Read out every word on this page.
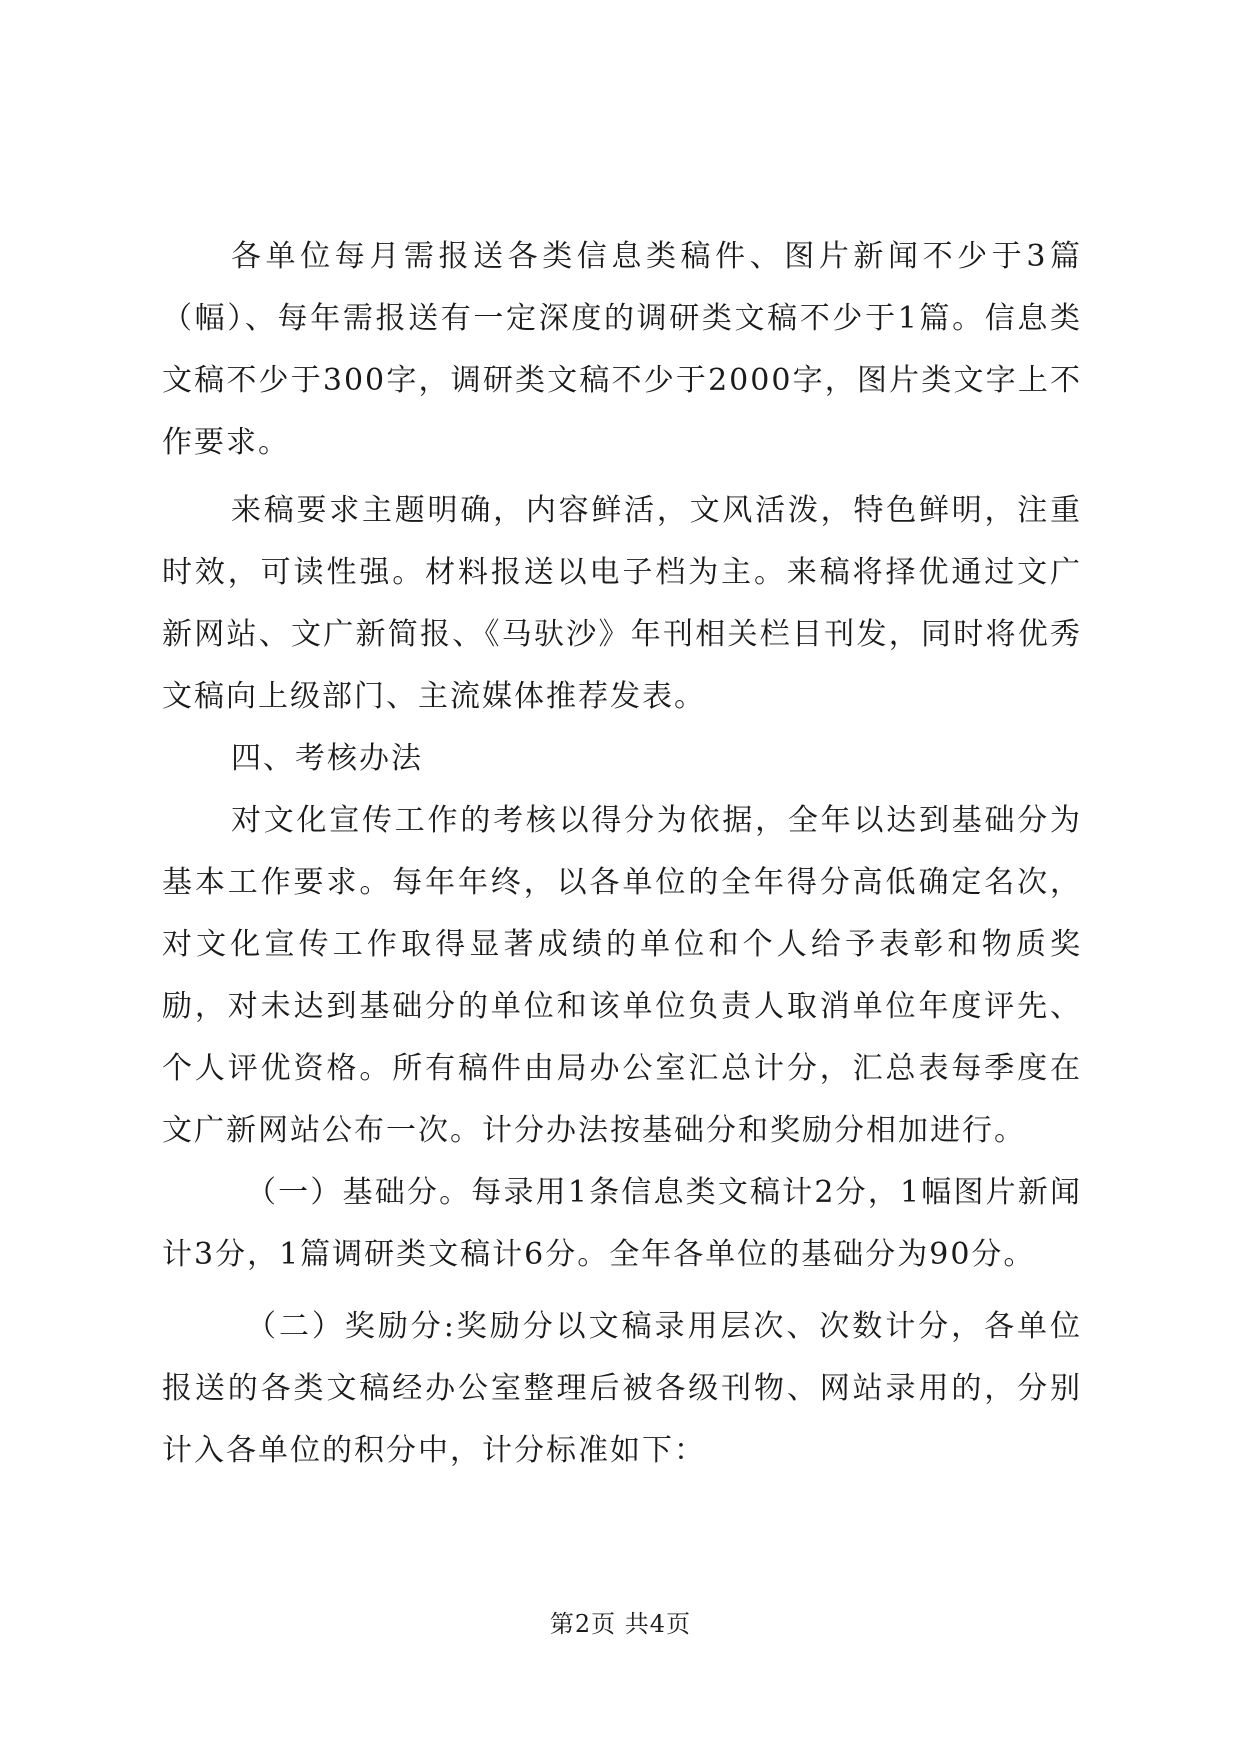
各单位每月需报送各类信息类稿件、图片新闻不少于3篇（幅）、每年需报送有一定深度的调研类文稿不少于1篇。信息类文稿不少于300字，调研类文稿不少于2000字，图片类文字上不作要求。

来稿要求主题明确，内容鲜活，文风活泼，特色鲜明，注重时效，可读性强。材料报送以电子档为主。来稿将择优通过文广新网站、文广新简报、《马驮沙》年刊相关栏目刊发，同时将优秀文稿向上级部门、主流媒体推荐发表。

四、考核办法

对文化宣传工作的考核以得分为依据，全年以达到基础分为基本工作要求。每年年终，以各单位的全年得分高低确定名次，对文化宣传工作取得显著成绩的单位和个人给予表彰和物质奖励，对未达到基础分的单位和该单位负责人取消单位年度评先、个人评优资格。所有稿件由局办公室汇总计分，汇总表每季度在文广新网站公布一次。计分办法按基础分和奖励分相加进行。

（一）基础分。每录用1条信息类文稿计2分，1幅图片新闻计3分，1篇调研类文稿计6分。全年各单位的基础分为90分。

（二）奖励分:奖励分以文稿录用层次、次数计分，各单位报送的各类文稿经办公室整理后被各级刊物、网站录用的，分别计入各单位的积分中，计分标准如下：

第2页 共4页
